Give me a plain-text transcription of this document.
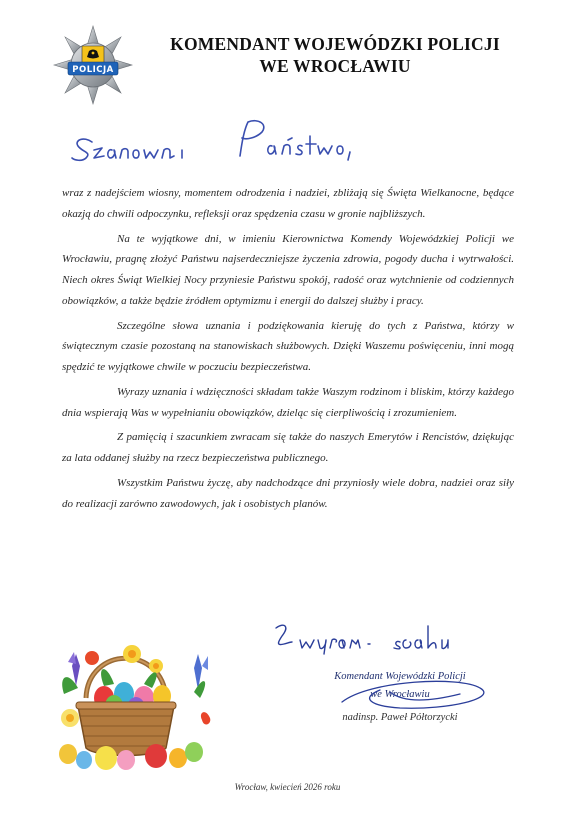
POLICJA
KOMENDANT WOJEWÓDZKI POLICJI
WE WROCŁAWIU

wraz z nadejściem wiosny, momentem odrodzenia i nadziei, zbliżają się Święta Wielkanocne, będące okazją do chwili odpoczynku, refleksji oraz spędzenia czasu w gronie najbliższych.

Na te wyjątkowe dni, w imieniu Kierownictwa Komendy Wojewódzkiej Policji we Wrocławiu, pragnę złożyć Państwu najserdeczniejsze życzenia zdrowia, pogody ducha i wytrwałości. Niech okres Świąt Wielkiej Nocy przyniesie Państwu spokój, radość oraz wytchnienie od codziennych obowiązków, a także będzie źródłem optymizmu i energii do dalszej służby i pracy.

Szczególne słowa uznania i podziękowania kieruję do tych z Państwa, którzy w świątecznym czasie pozostaną na stanowiskach służbowych. Dzięki Waszemu poświęceniu, inni mogą spędzić te wyjątkowe chwile w poczuciu bezpieczeństwa.

Wyrazy uznania i wdzięczności składam także Waszym rodzinom i bliskim, którzy każdego dnia wspierają Was w wypełnianiu obowiązków, dzieląc się cierpliwością i zrozumieniem.

Z pamięcią i szacunkiem zwracam się także do naszych Emerytów i Rencistów, dziękując za lata oddanej służby na rzecz bezpieczeństwa publicznego.

Wszystkim Państwu życzę, aby nadchodzące dni przyniosły wiele dobra, nadziei oraz siły do realizacji zarówno zawodowych, jak i osobistych planów.

Komendant Wojewódzki Policji
we Wrocławiu
nadinsp. Paweł Półtorzycki
Wrocław, kwiecień 2026 roku
